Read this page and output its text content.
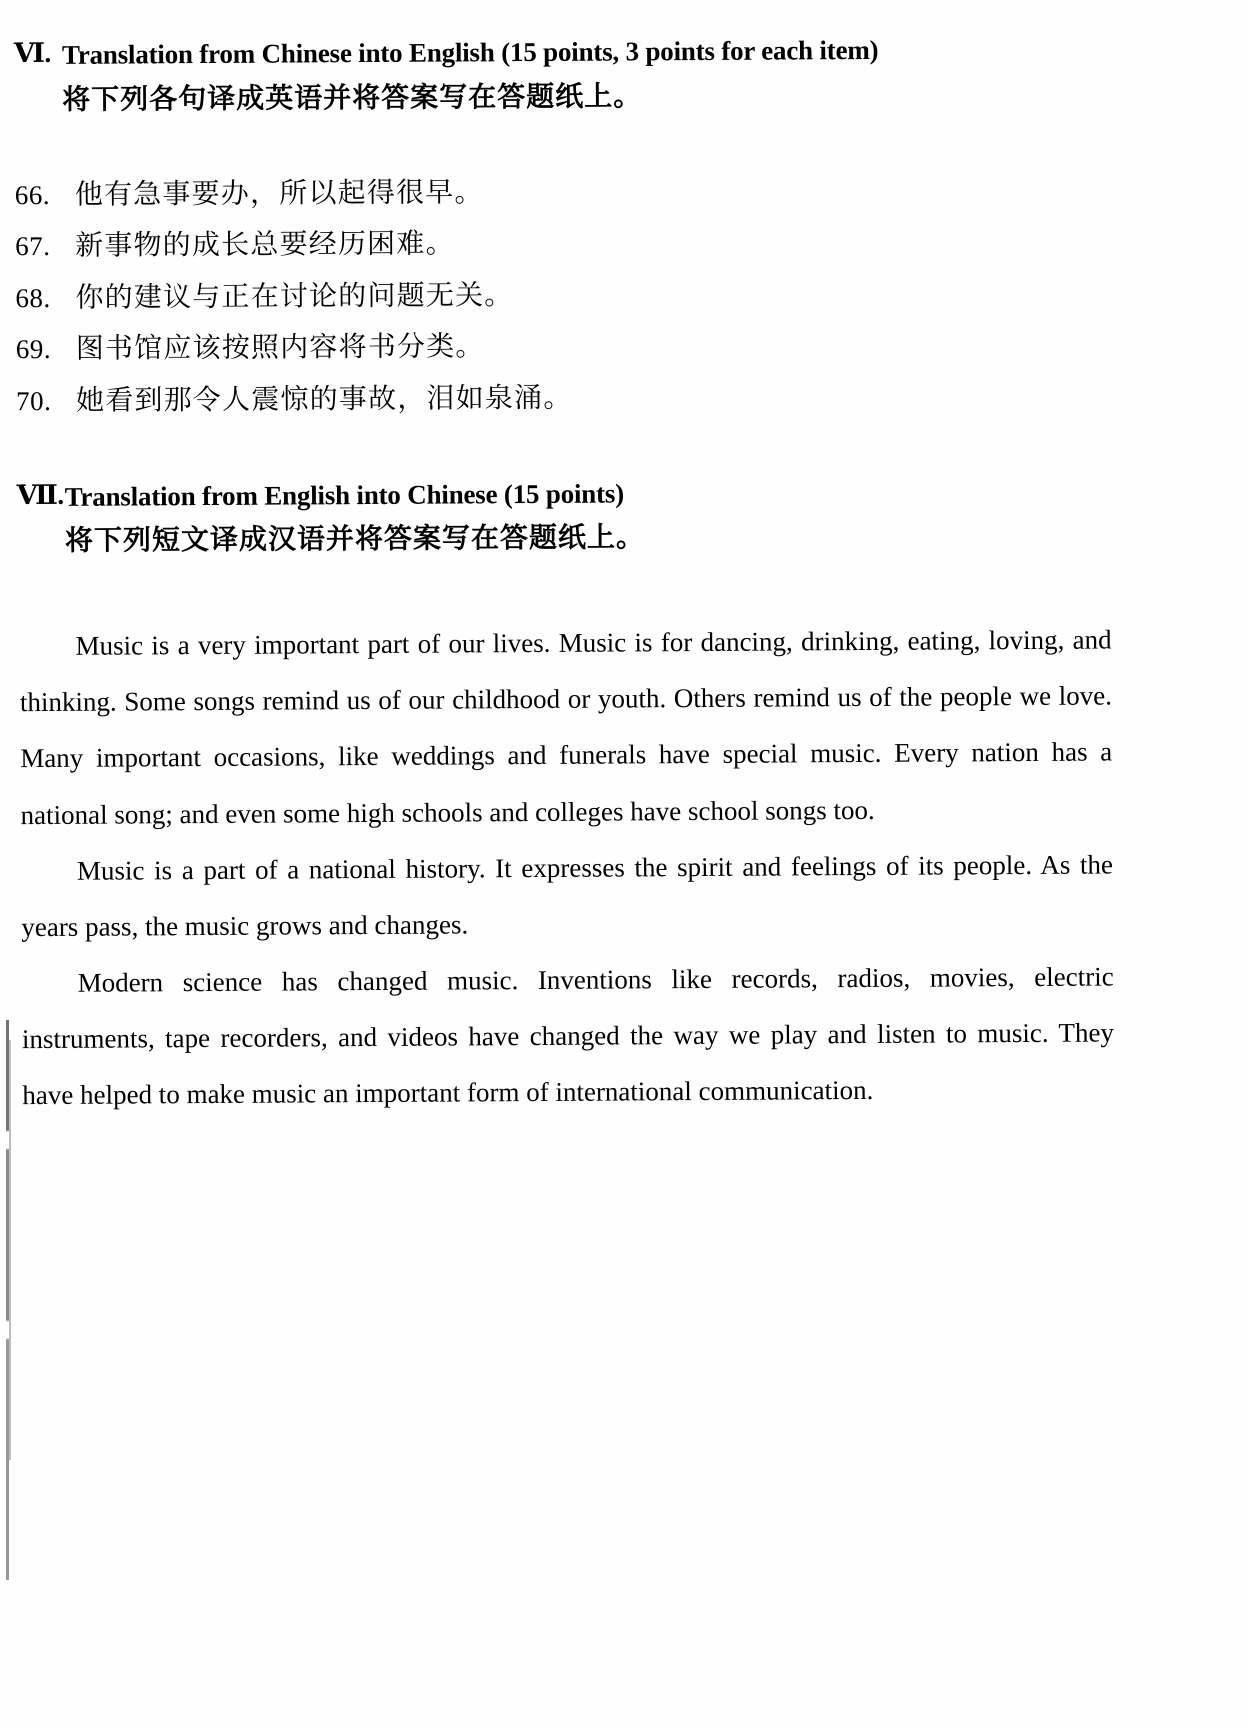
Ⅵ. Translation from Chinese into English (15 points, 3 points for each item)
将下列各句译成英语并将答案写在答题纸上。
66. 他有急事要办，所以起得很早。
67. 新事物的成长总要经历困难。
68. 你的建议与正在讨论的问题无关。
69. 图书馆应该按照内容将书分类。
70. 她看到那令人震惊的事故，泪如泉涌。
Ⅶ. Translation from English into Chinese (15 points)
将下列短文译成汉语并将答案写在答题纸上。

Music is a very important part of our lives. Music is for dancing, drinking, eating, loving, and thinking. Some songs remind us of our childhood or youth. Others remind us of the people we love. Many important occasions, like weddings and funerals have special music. Every nation has a national song; and even some high schools and colleges have school songs too.

Music is a part of a national history. It expresses the spirit and feelings of its people. As the years pass, the music grows and changes.

Modern science has changed music. Inventions like records, radios, movies, electric instruments, tape recorders, and videos have changed the way we play and listen to music. They have helped to make music an important form of international communication.
